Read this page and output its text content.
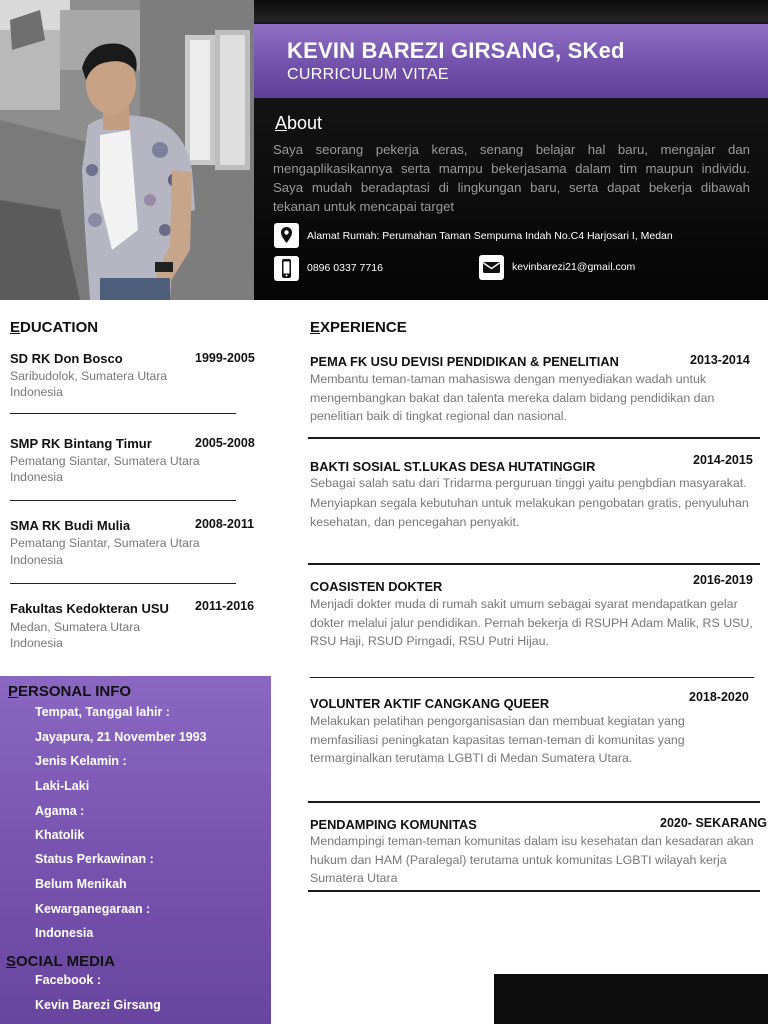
KEVIN BAREZI GIRSANG, SKed
CURRICULUM VITAE
About
Saya seorang pekerja keras, senang belajar hal baru, mengajar dan mengaplikasikannya serta mampu bekerjasama dalam tim maupun individu. Saya mudah beradaptasi di lingkungan baru, serta dapat bekerja dibawah tekanan untuk mencapai target
Alamat Rumah: Perumahan Taman Sempurna Indah No.C4 Harjosari I, Medan
0896 0337 7716	kevinbarezi21@gmail.com
EDUCATION
SD RK Don Bosco	1999-2005
Saribudolok, Sumatera Utara
Indonesia
SMP RK Bintang Timur	2005-2008
Pematang Siantar, Sumatera Utara
Indonesia
SMA RK Budi Mulia	2008-2011
Pematang Siantar, Sumatera Utara
Indonesia
Fakultas Kedokteran USU 2011-2016
Medan, Sumatera Utara
Indonesia
PERSONAL INFO
Tempat, Tanggal lahir :
Jayapura, 21 November 1993
Jenis Kelamin :
Laki-Laki
Agama :
Khatolik
Status Perkawinan :
Belum Menikah
Kewarganegaraan :
Indonesia
SOCIAL MEDIA
Facebook :
Kevin Barezi Girsang
EXPERIENCE
PEMA FK USU DEVISI PENDIDIKAN & PENELITIAN	2013-2014
Membantu teman-taman mahasiswa dengan menyediakan wadah untuk mengembangkan bakat dan talenta mereka dalam bidang pendidikan dan penelitian baik di tingkat regional dan nasional.
BAKTI SOSIAL ST.LUKAS DESA HUTATINGGIR	2014-2015
Sebagai salah satu dari Tridarma perguruan tinggi yaitu pengbdian masyarakat. Menyiapkan segala kebutuhan untuk melakukan pengobatan gratis, penyuluhan kesehatan, dan pencegahan penyakit.
COASISTEN DOKTER	2016-2019
Menjadi dokter muda di rumah sakit umum sebagai syarat mendapatkan gelar dokter melalui jalur pendidikan. Pernah bekerja di RSUPH Adam Malik, RS USU, RSU Haji, RSUD Pirngadi, RSU Putri Hijau.
VOLUNTER AKTIF CANGKANG QUEER	2018-2020
Melakukan pelatihan pengorganisasian dan membuat kegiatan yang memfasiliasi peningkatan kapasitas teman-teman di komunitas yang termarginalkan terutama LGBTI di Medan Sumatera Utara.
PENDAMPING KOMUNITAS	2020- SEKARANG
Mendampingi teman-teman komunitas dalam isu kesehatan dan kesadaran akan hukum dan HAM (Paralegal) terutama untuk komunitas LGBTI wilayah kerja Sumatera Utara
